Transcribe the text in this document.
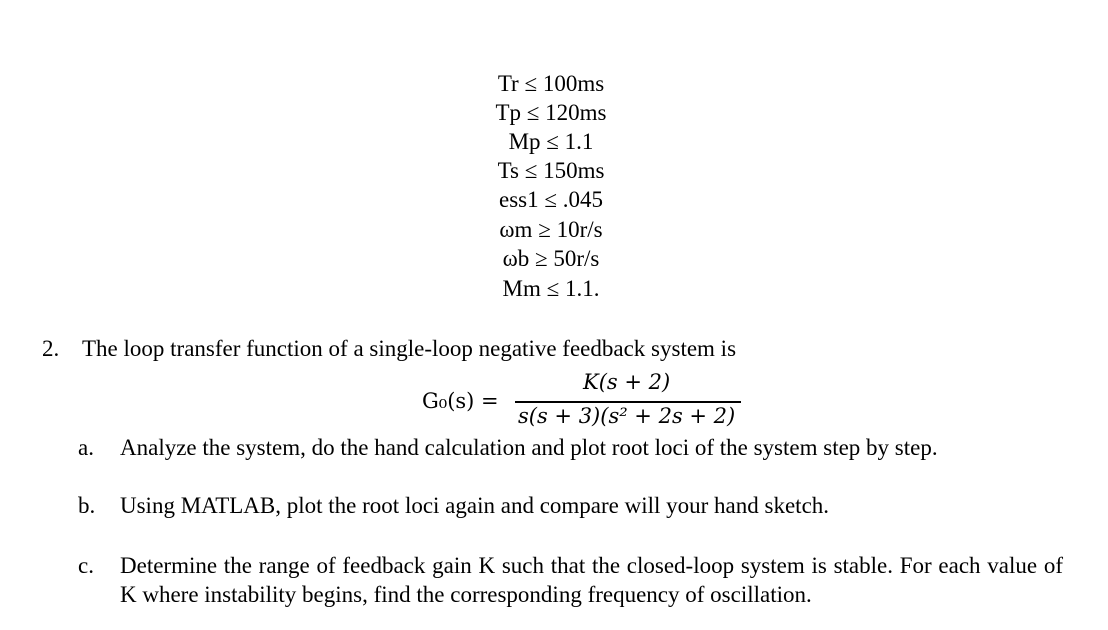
Tr ≤ 100ms
Tp ≤ 120ms
Mp ≤ 1.1
Ts ≤ 150ms
ess1 ≤ .045
ωm ≥ 10r/s
ωb ≥ 50r/s
Mm ≤ 1.1.
2. The loop transfer function of a single-loop negative feedback system is
G₀(s) =
K(s + 2)
s(s + 3)(s² + 2s + 2)
a. Analyze the system, do the hand calculation and plot root loci of the system step by step.
b. Using MATLAB, plot the root loci again and compare will your hand sketch.
c. Determine the range of feedback gain K such that the closed-loop system is stable. For each value of K where instability begins, find the corresponding frequency of oscillation.
